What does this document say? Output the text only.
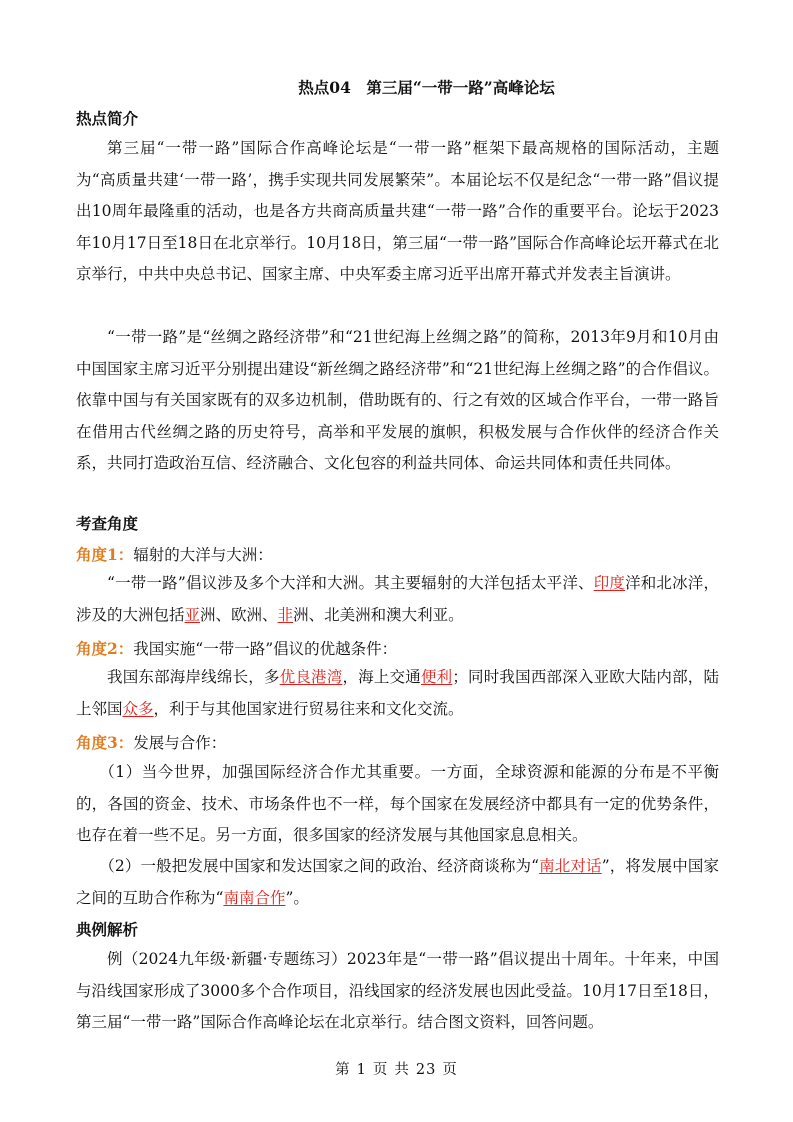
热点04　第三届“一带一路”高峰论坛
热点简介

第三届“一带一路”国际合作高峰论坛是“一带一路”框架下最高规格的国际活动，主题为“高质量共建‘一带一路’，携手实现共同发展繁荣”。本届论坛不仅是纪念“一带一路”倡议提出10周年最隆重的活动，也是各方共商高质量共建“一带一路”合作的重要平台。论坛于2023年10月17日至18日在北京举行。10月18日，第三届“一带一路”国际合作高峰论坛开幕式在北京举行，中共中央总书记、国家主席、中央军委主席习近平出席开幕式并发表主旨演讲。

“一带一路”是“丝绸之路经济带”和“21世纪海上丝绸之路”的简称，2013年9月和10月由中国国家主席习近平分别提出建设“新丝绸之路经济带”和“21世纪海上丝绸之路”的合作倡议。依靠中国与有关国家既有的双多边机制，借助既有的、行之有效的区域合作平台，一带一路旨在借用古代丝绸之路的历史符号，高举和平发展的旗帜，积极发展与合作伙伴的经济合作关系，共同打造政治互信、经济融合、文化包容的利益共同体、命运共同体和责任共同体。

考查角度
角度1：辐射的大洋与大洲：

“一带一路”倡议涉及多个大洋和大洲。其主要辐射的大洋包括太平洋、印度洋和北冰洋，涉及的大洲包括亚洲、欧洲、非洲、北美洲和澳大利亚。

角度2：我国实施“一带一路”倡议的优越条件：

我国东部海岸线绵长，多优良港湾，海上交通便利；同时我国西部深入亚欧大陆内部，陆上邻国众多，利于与其他国家进行贸易往来和文化交流。

角度3：发展与合作：

（1）当今世界，加强国际经济合作尤其重要。一方面，全球资源和能源的分布是不平衡的，各国的资金、技术、市场条件也不一样，每个国家在发展经济中都具有一定的优势条件，也存在着一些不足。另一方面，很多国家的经济发展与其他国家息息相关。

（2）一般把发展中国家和发达国家之间的政治、经济商谈称为“南北对话”，将发展中国家之间的互助合作称为“南南合作”。

典例解析

例（2024九年级·新疆·专题练习）2023年是“一带一路”倡议提出十周年。十年来，中国与沿线国家形成了3000多个合作项目，沿线国家的经济发展也因此受益。10月17日至18日，第三届“一带一路”国际合作高峰论坛在北京举行。结合图文资料，回答问题。

第 1 页 共 23 页
